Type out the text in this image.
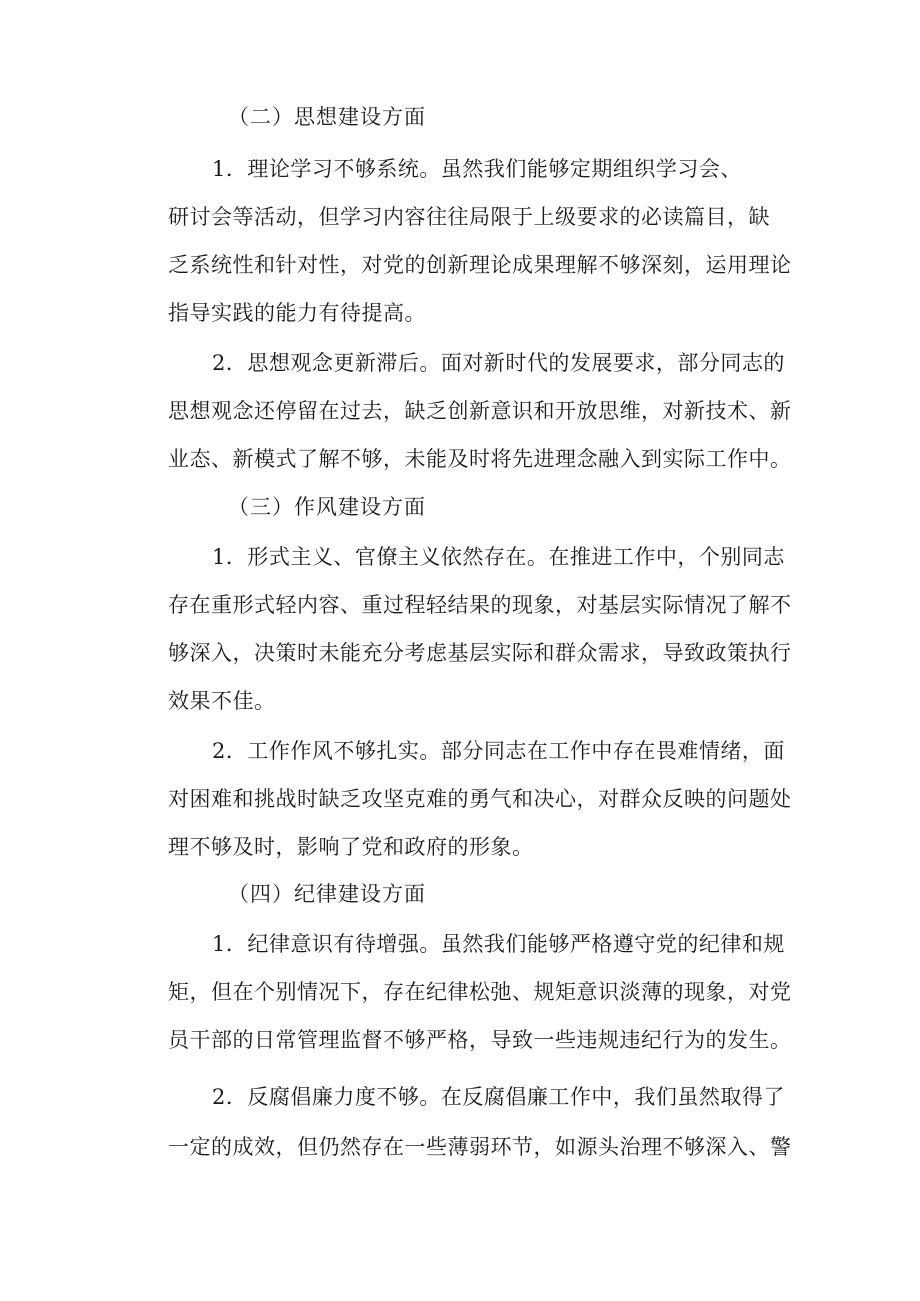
（二）思想建设方面
1．理论学习不够系统。虽然我们能够定期组织学习会、
研讨会等活动，但学习内容往往局限于上级要求的必读篇目，缺
乏系统性和针对性，对党的创新理论成果理解不够深刻，运用理论
指导实践的能力有待提高。
2．思想观念更新滞后。面对新时代的发展要求，部分同志的
思想观念还停留在过去，缺乏创新意识和开放思维，对新技术、新
业态、新模式了解不够，未能及时将先进理念融入到实际工作中。
（三）作风建设方面
1．形式主义、官僚主义依然存在。在推进工作中，个别同志
存在重形式轻内容、重过程轻结果的现象，对基层实际情况了解不
够深入，决策时未能充分考虑基层实际和群众需求，导致政策执行
效果不佳。
2．工作作风不够扎实。部分同志在工作中存在畏难情绪，面
对困难和挑战时缺乏攻坚克难的勇气和决心，对群众反映的问题处
理不够及时，影响了党和政府的形象。
（四）纪律建设方面
1．纪律意识有待增强。虽然我们能够严格遵守党的纪律和规
矩，但在个别情况下，存在纪律松弛、规矩意识淡薄的现象，对党
员干部的日常管理监督不够严格，导致一些违规违纪行为的发生。
2．反腐倡廉力度不够。在反腐倡廉工作中，我们虽然取得了
一定的成效，但仍然存在一些薄弱环节，如源头治理不够深入、警
